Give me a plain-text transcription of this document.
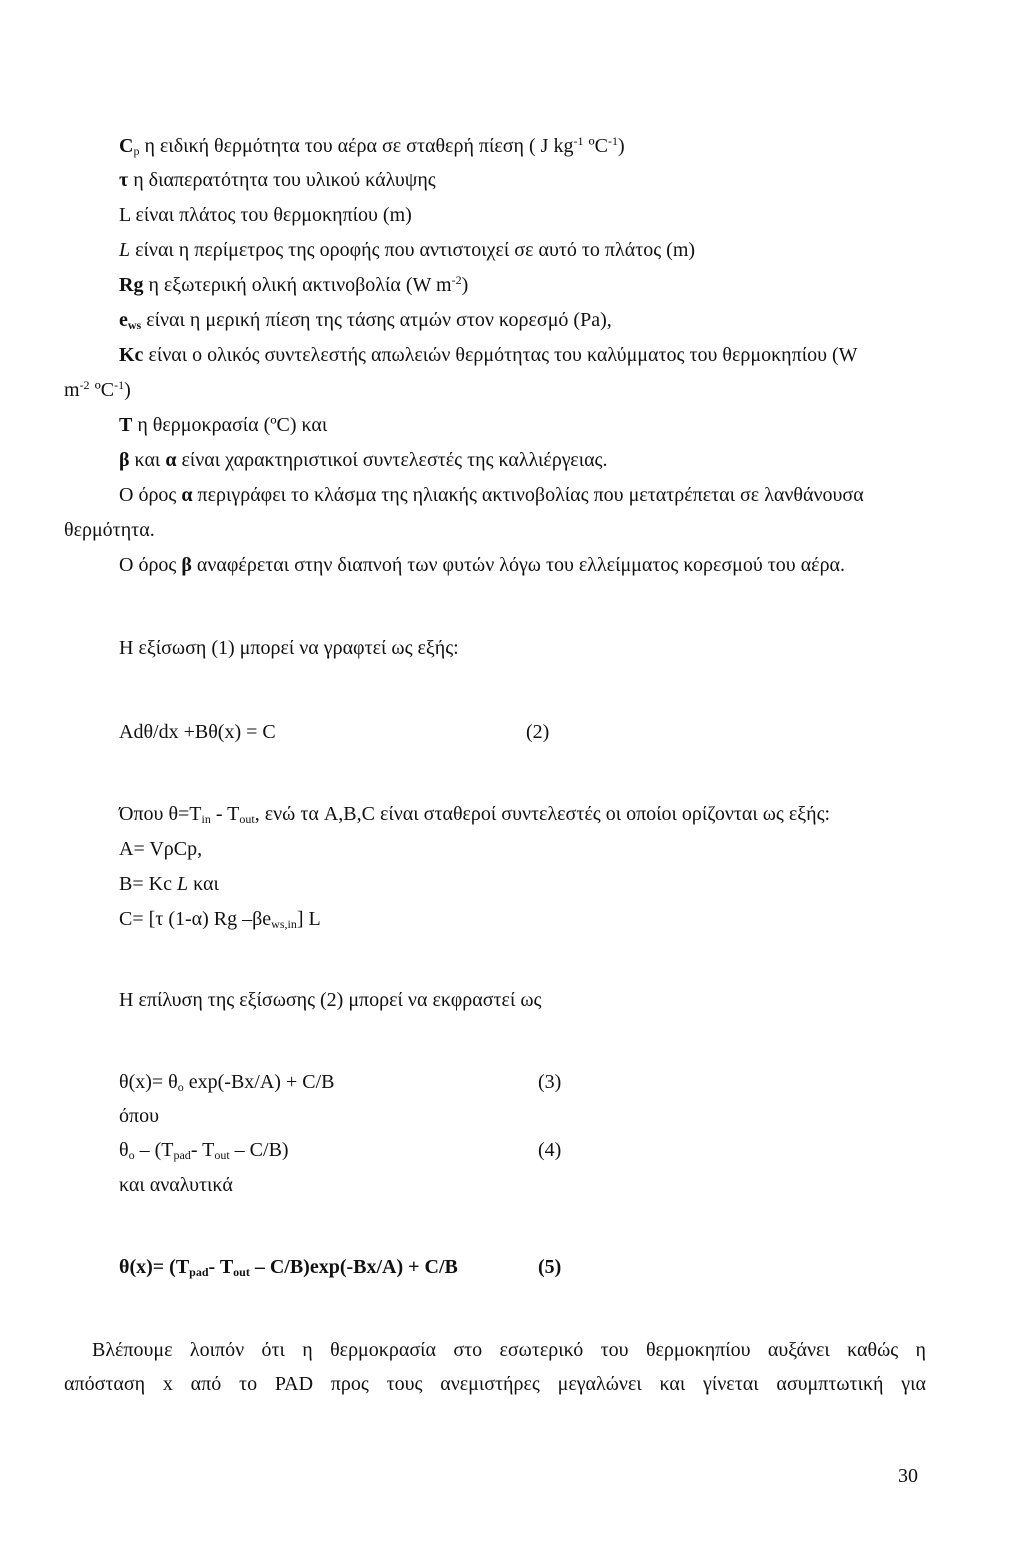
$C_p$ η ειδική θερμότητα του αέρα σε σταθερή πίεση ( J $kg^{-1}$ ºC$^{-1}$)
τ η διαπερατότητα του υλικού κάλυψης
L είναι πλάτος του θερμοκηπίου (m)
L είναι η περίμετρος της οροφής που αντιστοιχεί σε αυτό το πλάτος (m)
Rg η εξωτερική ολική ακτινοβολία (W $m^{-2}$)
$e_{ws}$ είναι η μερική πίεση της τάσης ατμών στον κορεσμό (Pa),
Kc είναι ο ολικός συντελεστής απωλειών θερμότητας του καλύμματος του θερμοκηπίου (W
$m^{-2}$ ºC$^{-1}$)
T η θερμοκρασία (ºC) και
β και α είναι χαρακτηριστικοί συντελεστές της καλλιέργειας.
Ο όρος α περιγράφει το κλάσμα της ηλιακής ακτινοβολίας που μετατρέπεται σε λανθάνουσα
θερμότητα.
Ο όρος β αναφέρεται στην διαπνοή των φυτών λόγω του ελλείμματος κορεσμού του αέρα.
Η εξίσωση (1) μπορεί να γραφτεί ως εξής:
Adθ/dx +Bθ(x) = C	(2)
Όπου $\theta=T_{in} - T_{out}$, ενώ τα A,B,C είναι σταθεροί συντελεστές οι οποίοι ορίζονται ως εξής:
A= VρCp,
B= Kc L και
C= [τ (1-α) Rg $-\beta e_{ws,in}$] L
Η επίλυση της εξίσωσης (2) μπορεί να εκφραστεί ως
$\theta(x)= \theta_o$ exp(-Bx/A) + C/B	(3)
όπου
$\theta_o - (T_{pad}-$ $T_{out} - C/B$)	(4)
και αναλυτικά
$\theta(x)= (T_{pad}-$ $T_{out} - C/B)\exp(-Bx/A) + C/B$	(5)
Βλέπουμε λοιπόν ότι η θερμοκρασία στο εσωτερικό του θερμοκηπίου αυξάνει καθώς η
απόσταση x από το PAD προς τους ανεμιστήρες μεγαλώνει και γίνεται ασυμπτωτική για
30
